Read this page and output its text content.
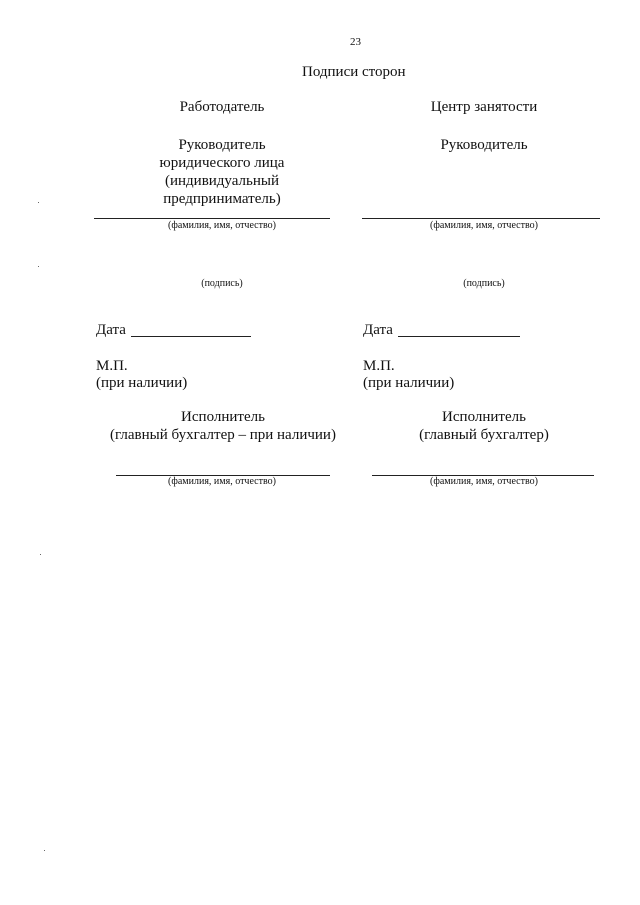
23
Подписи сторон
Работодатель
Руководитель
юридического лица
(индивидуальный
предприниматель)
(фамилия, имя, отчество)
(подпись)
Дата
М.П.
(при наличии)
Исполнитель
(главный бухгалтер – при наличии)
(фамилия, имя, отчество)
Центр занятости
Руководитель
(фамилия, имя, отчество)
(подпись)
Дата
М.П.
(при наличии)
Исполнитель
(главный бухгалтер)
(фамилия, имя, отчество)
